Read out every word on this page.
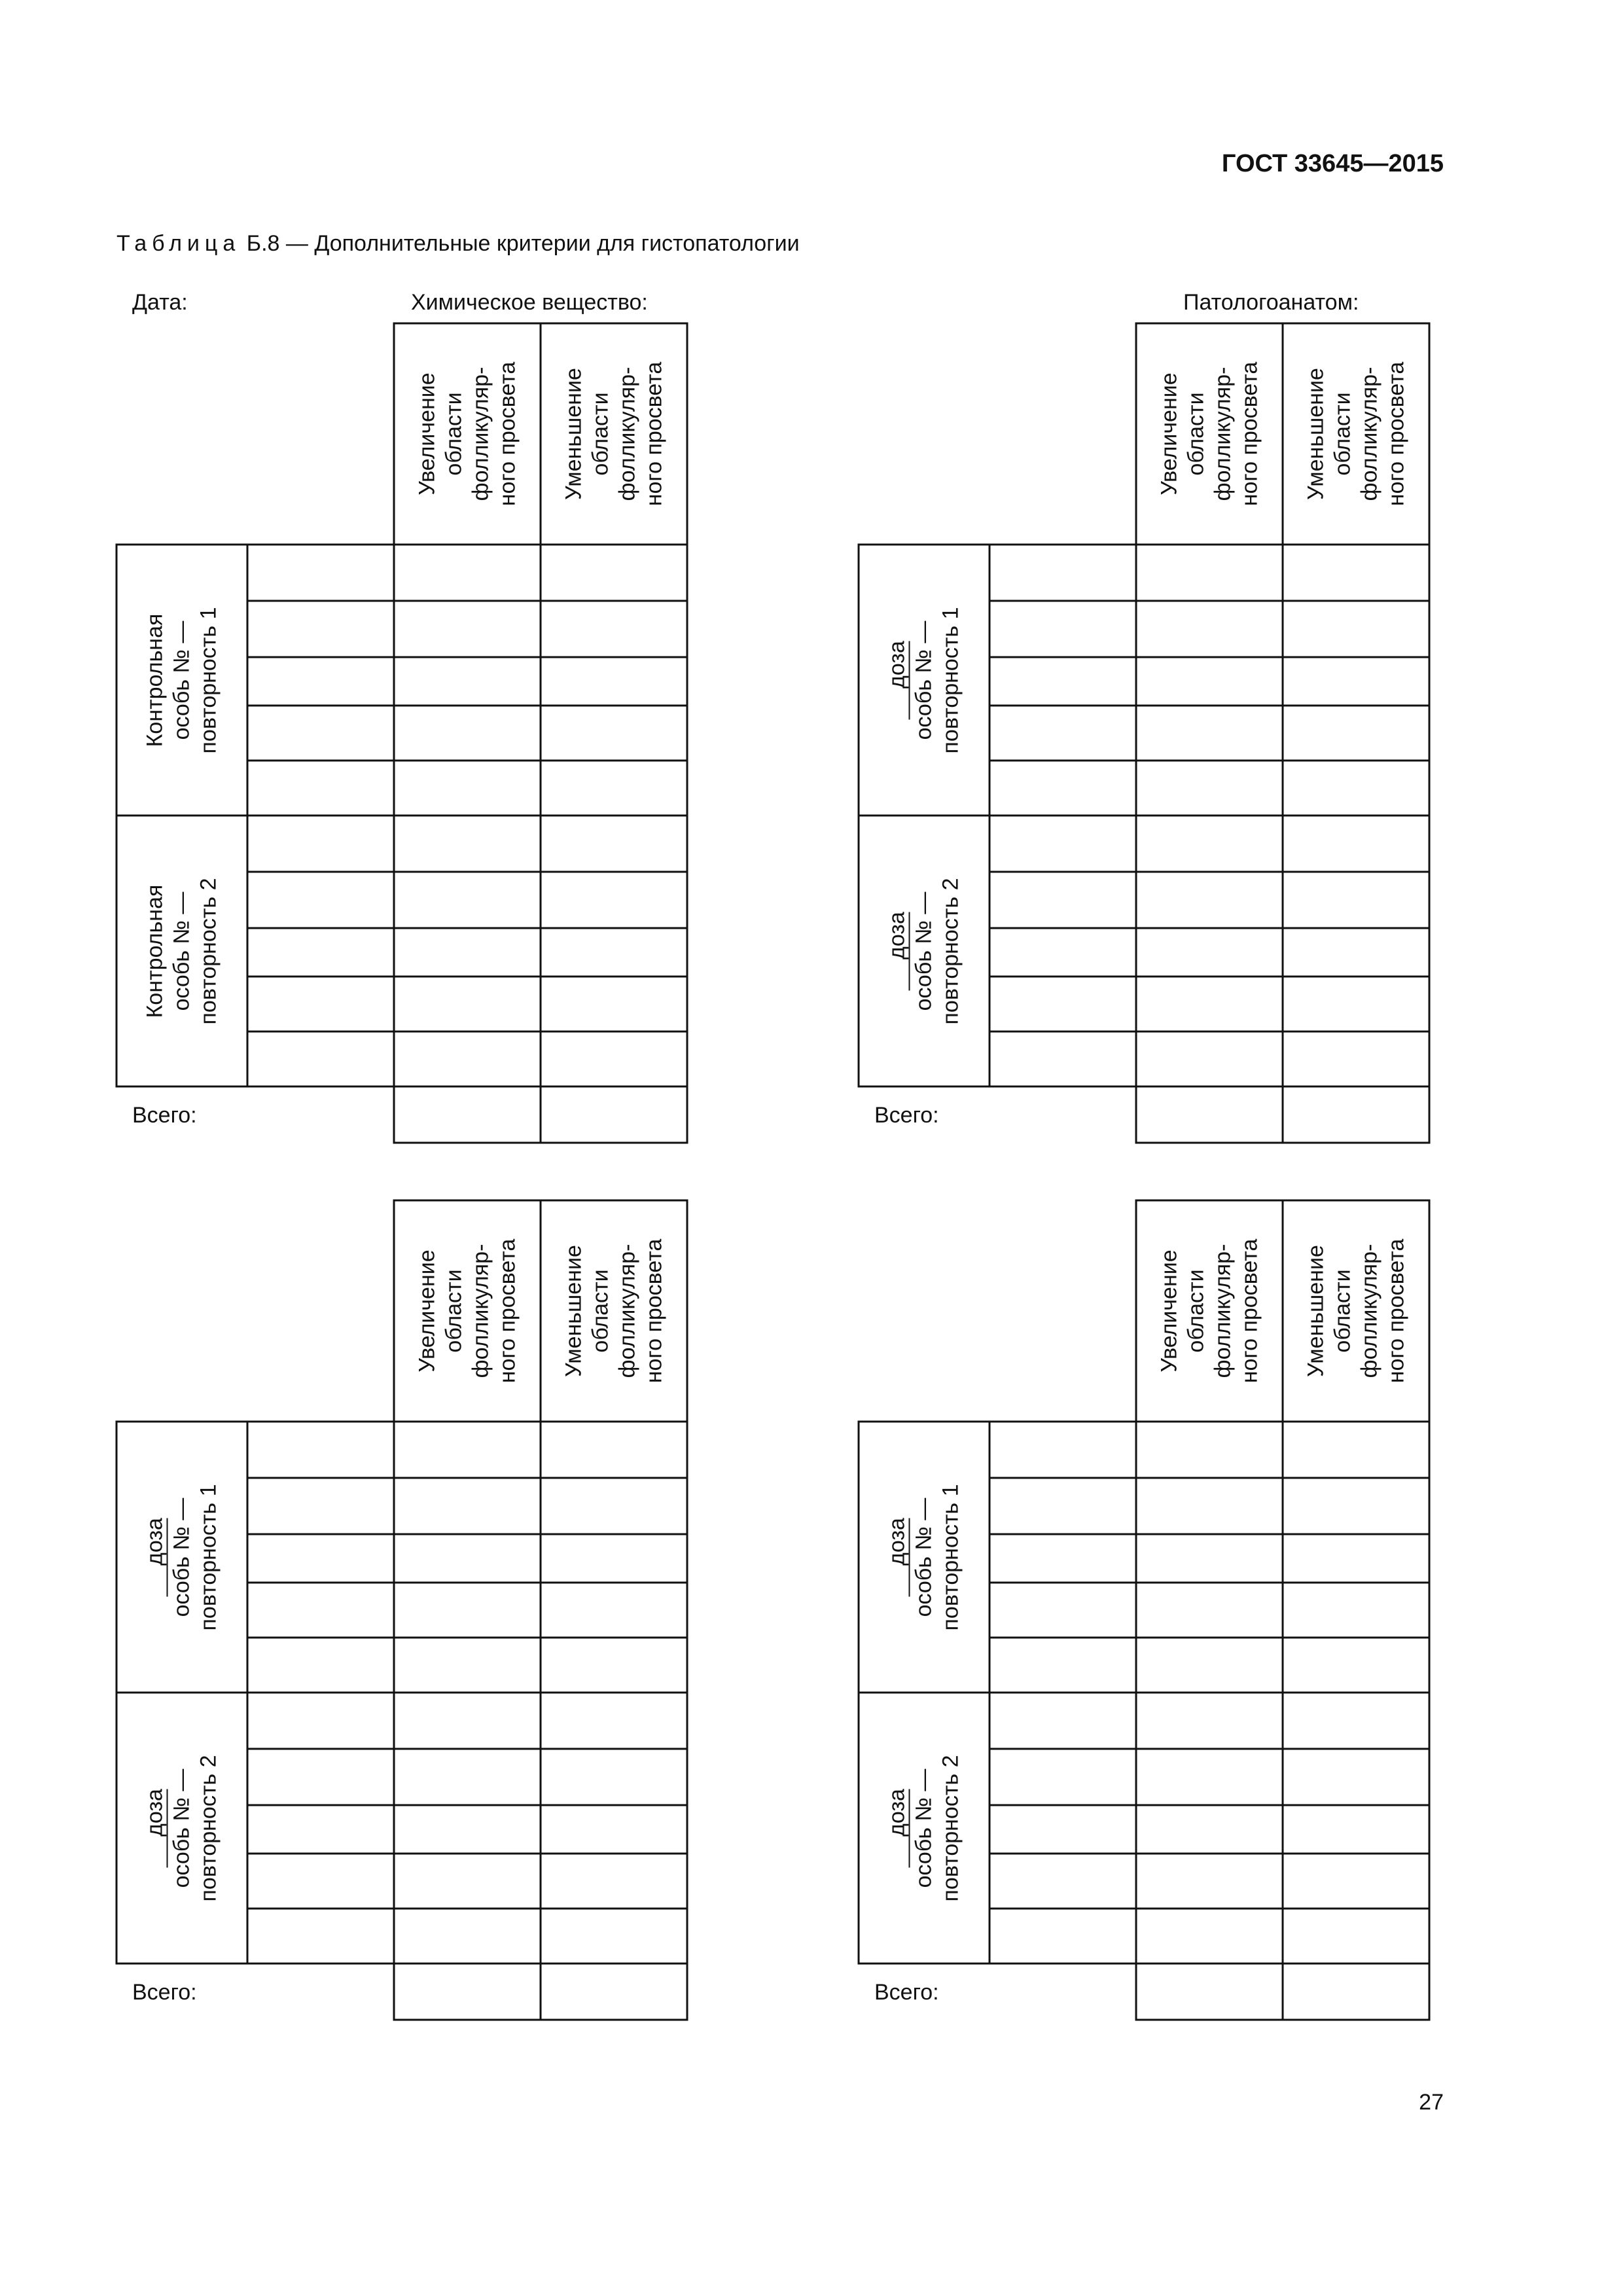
ГОСТ 33645—2015
Таблица Б.8 — Дополнительные критерии для гистопатологии
Дата:	Химическое вещество:	Патологоанатом:
Увеличение области фолликуляр- ного просвета Уменьшение области фолликуляр- ного просвета
Контрольная особь № — повторность 1
Контрольная особь № — повторность 2
Всего:
Увеличение области фолликуляр- ного просвета Уменьшение области фолликуляр- ного просвета
доза особь № — повторность 1
доза особь № — повторность 2
Всего:
Увеличение области фолликуляр- ного просвета Уменьшение области фолликуляр- ного просвета
доза особь № — повторность 1
доза особь № — повторность 2
Всего:
Увеличение области фолликуляр- ного просвета Уменьшение области фолликуляр- ного просвета
доза особь № — повторность 1
доза особь № — повторность 2
Всего:
27
